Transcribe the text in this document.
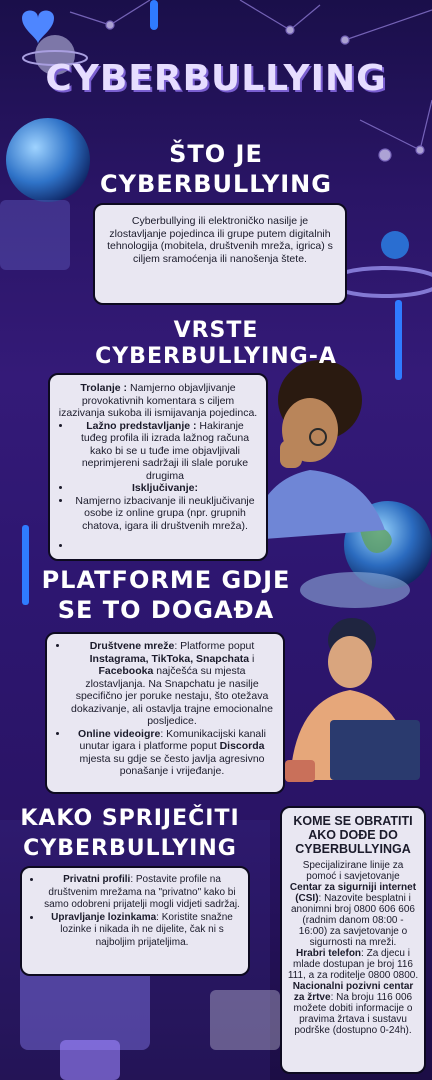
CYBERBULLYING
ŠTO JE
CYBERBULLYING

Cyberbullying ili elektroničko nasilje je zlostavljanje pojedinca ili grupe putem digitalnih tehnologija (mobitela, društvenih mreža, igrica) s ciljem sramoćenja ili nanošenja štete.

VRSTE
CYBERBULLYING-A

Trolanje : Namjerno objavljivanje provokativnih komentara s ciljem izazivanja sukoba ili ismijavanja pojedinca.

• Lažno predstavljanje : Hakiranje tuđeg profila ili izrada lažnog računa kako bi se u tuđe ime objavljivali neprimjereni sadržaji ili slale poruke drugima
• Isključivanje:
• Namjerno izbacivanje ili neuključivanje osobe iz online grupa (npr. grupnih chatova, igara ili društvenih mreža).
•
PLATFORME GDJE
SE TO DOGAĐA
• Društvene mreže: Platforme poput Instagrama, TikToka, Snapchata i Facebooka najčešća su mjesta zlostavljanja. Na Snapchatu je nasilje specifično jer poruke nestaju, što otežava dokazivanje, ali ostavlja trajne emocionalne posljedice.
• Online videoigre: Komunikacijski kanali unutar igara i platforme poput Discorda mjesta su gdje se često javlja agresivno ponašanje i vrijeđanje.
KAKO SPRIJEČITI
CYBERBULLYING
• Privatni profili: Postavite profile na društvenim mrežama na "privatno" kako bi samo odobreni prijatelji mogli vidjeti sadržaj.
• Upravljanje lozinkama: Koristite snažne lozinke i nikada ih ne dijelite, čak ni s najboljim prijateljima.

KOME SE OBRATITI AKO DOĐE DO CYBERBULLYINGA

Specijalizirane linije za pomoć i savjetovanje

Centar za sigurniji internet (CSI): Nazovite besplatni i anonimni broj 0800 606 606 (radnim danom 08:00 - 16:00) za savjetovanje o sigurnosti na mreži.

Hrabri telefon: Za djecu i mlade dostupan je broj 116 111, a za roditelje 0800 0800.

Nacionalni pozivni centar za žrtve: Na broju 116 006 možete dobiti informacije o pravima žrtava i sustavu podrške (dostupno 0-24h).
